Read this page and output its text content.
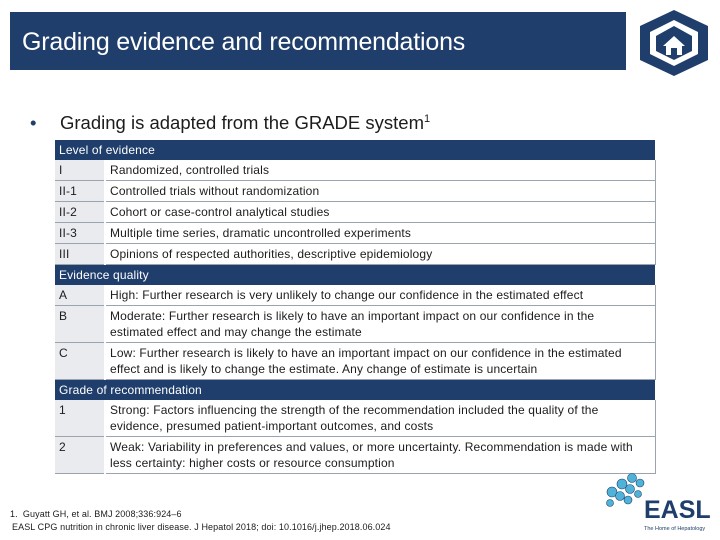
Grading evidence and recommendations
• Grading is adapted from the GRADE system$^1$
Level of evidence	
I	Randomized, controlled trials
II-1	Controlled trials without randomization
II-2	Cohort or case-control analytical studies
II-3	Multiple time series, dramatic uncontrolled experiments
III	Opinions of respected authorities, descriptive epidemiology
Evidence quality	
A	High: Further research is very unlikely to change our confidence in the estimated effect
B	Moderate: Further research is likely to have an important impact on our confidence in the estimated effect and may change the estimate
C	Low: Further research is likely to have an important impact on our confidence in the estimated effect and is likely to change the estimate. Any change of estimate is uncertain
Grade of recommendation	
1	Strong: Factors influencing the strength of the recommendation included the quality of the evidence, presumed patient-important outcomes, and costs
2	Weak: Variability in preferences and values, or more uncertainty. Recommendation is made with less certainty: higher costs or resource consumption
1. Guyatt GH, et al. BMJ 2008;336:924–6
EASL CPG nutrition in chronic liver disease. J Hepatol 2018; doi: 10.1016/j.jhep.2018.06.024
EASL
The Home of Hepatology
